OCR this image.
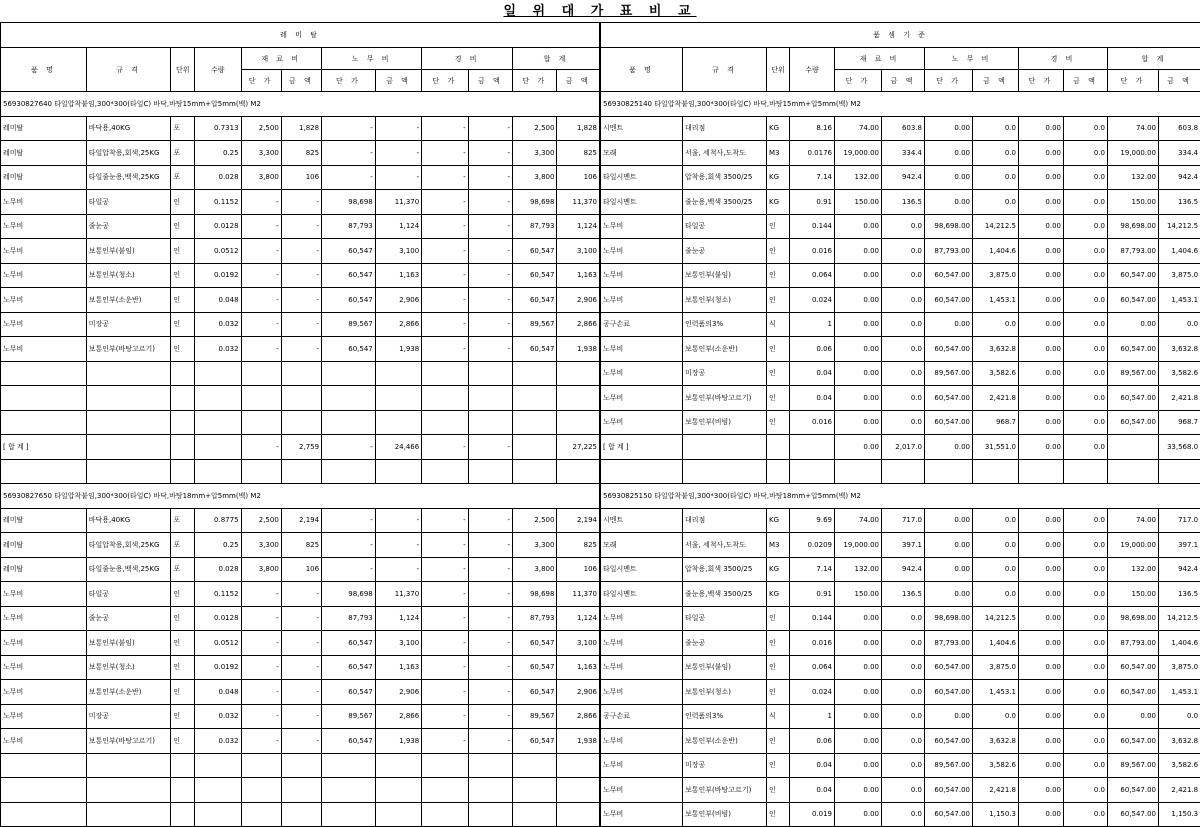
일 위 대 가 표 비 교
레 미 탈											
품 명	규 격	단위	수량	재 료 비		노 무 비		경 비		합 계	
				단 가	금 액	단 가	금 액	단 가	금 액	단 가	금 액
56930827640 타일압착붙임,300*300(타일C) 바닥,바탕15mm+압5mm(백) M2											
레미탈	바닥용,40KG	포	0.7313	2,500	1,828	-	-	-	-	2,500	1,828
레미탈	타일압착용,회색,25KG	포	0.25	3,300	825	-	-	-	-	3,300	825
레미탈	타일줄눈용,백색,25KG	포	0.028	3,800	106	-	-	-	-	3,800	106
노무비	타일공	인	0.1152	-	-	98,698	11,370	-	-	98,698	11,370
노무비	줄눈공	인	0.0128	-	-	87,793	1,124	-	-	87,793	1,124
노무비	보통인부(붙임)	인	0.0512	-	-	60,547	3,100	-	-	60,547	3,100
노무비	보통인부(청소)	인	0.0192	-	-	60,547	1,163	-	-	60,547	1,163
노무비	보통인부(소운반)	인	0.048	-	-	60,547	2,906	-	-	60,547	2,906
노무비	미장공	인	0.032	-	-	89,567	2,866	-	-	89,567	2,866
노무비	보통인부(바탕고르기)	인	0.032	-	-	60,547	1,938	-	-	60,547	1,938

[ 합 계 ]				-	2,759	-	24,466	-	-		27,225

56930827650 타일압착붙임,300*300(타일C) 바닥,바탕18mm+압5mm(백) M2											
레미탈	바닥용,40KG	포	0.8775	2,500	2,194	-	-	-	-	2,500	2,194
레미탈	타일압착용,회색,25KG	포	0.25	3,300	825	-	-	-	-	3,300	825
레미탈	타일줄눈용,백색,25KG	포	0.028	3,800	106	-	-	-	-	3,800	106
노무비	타일공	인	0.1152	-	-	98,698	11,370	-	-	98,698	11,370
노무비	줄눈공	인	0.0128	-	-	87,793	1,124	-	-	87,793	1,124
노무비	보통인부(붙임)	인	0.0512	-	-	60,547	3,100	-	-	60,547	3,100
노무비	보통인부(청소)	인	0.0192	-	-	60,547	1,163	-	-	60,547	1,163
노무비	보통인부(소운반)	인	0.048	-	-	60,547	2,906	-	-	60,547	2,906
노무비	미장공	인	0.032	-	-	89,567	2,866	-	-	89,567	2,866
노무비	보통인부(바탕고르기)	인	0.032	-	-	60,547	1,938	-	-	60,547	1,938

품 셈 기 준											
품 명	규 격	단위	수량	재 료 비		노 무 비		경 비		합 계	
				단 가	금 액	단 가	금 액	단 가	금 액	단 가	금 액
56930825140 타일압착붙임,300*300(타일C) 바닥,바탕15mm+압5mm(백) M2											
시멘트	대리점	KG	8.16	74.00	603.8	0.00	0.0	0.00	0.0	74.00	603.8
모래	서울, 세척사,도착도	M3	0.0176	19,000.00	334.4	0.00	0.0	0.00	0.0	19,000.00	334.4
타일시멘트	압착용,회색 3500/25	KG	7.14	132.00	942.4	0.00	0.0	0.00	0.0	132.00	942.4
타일시멘트	줄눈용,백색 3500/25	KG	0.91	150.00	136.5	0.00	0.0	0.00	0.0	150.00	136.5
노무비	타일공	인	0.144	0.00	0.0	98,698.00	14,212.5	0.00	0.0	98,698.00	14,212.5
노무비	줄눈공	인	0.016	0.00	0.0	87,793.00	1,404.6	0.00	0.0	87,793.00	1,404.6
노무비	보통인부(붙임)	인	0.064	0.00	0.0	60,547.00	3,875.0	0.00	0.0	60,547.00	3,875.0
노무비	보통인부(청소)	인	0.024	0.00	0.0	60,547.00	1,453.1	0.00	0.0	60,547.00	1,453.1
공구손료	인력품의3%	식	1	0.00	0.0	0.00	0.0	0.00	0.0	0.00	0.0
노무비	보통인부(소운반)	인	0.06	0.00	0.0	60,547.00	3,632.8	0.00	0.0	60,547.00	3,632.8
노무비	미장공	인	0.04	0.00	0.0	89,567.00	3,582.6	0.00	0.0	89,567.00	3,582.6
노무비	보통인부(바탕고르기)	인	0.04	0.00	0.0	60,547.00	2,421.8	0.00	0.0	60,547.00	2,421.8
노무비	보통인부(비빔)	인	0.016	0.00	0.0	60,547.00	968.7	0.00	0.0	60,547.00	968.7
[ 합 계 ]				0.00	2,017.0	0.00	31,551.0	0.00	0.0		33,568.0

56930825150 타일압착붙임,300*300(타일C) 바닥,바탕18mm+압5mm(백) M2											
시멘트	대리점	KG	9.69	74.00	717.0	0.00	0.0	0.00	0.0	74.00	717.0
모래	서울, 세척사,도착도	M3	0.0209	19,000.00	397.1	0.00	0.0	0.00	0.0	19,000.00	397.1
타일시멘트	압착용,회색 3500/25	KG	7.14	132.00	942.4	0.00	0.0	0.00	0.0	132.00	942.4
타일시멘트	줄눈용,백색 3500/25	KG	0.91	150.00	136.5	0.00	0.0	0.00	0.0	150.00	136.5
노무비	타일공	인	0.144	0.00	0.0	98,698.00	14,212.5	0.00	0.0	98,698.00	14,212.5
노무비	줄눈공	인	0.016	0.00	0.0	87,793.00	1,404.6	0.00	0.0	87,793.00	1,404.6
노무비	보통인부(붙임)	인	0.064	0.00	0.0	60,547.00	3,875.0	0.00	0.0	60,547.00	3,875.0
노무비	보통인부(청소)	인	0.024	0.00	0.0	60,547.00	1,453.1	0.00	0.0	60,547.00	1,453.1
공구손료	인력품의3%	식	1	0.00	0.0	0.00	0.0	0.00	0.0	0.00	0.0
노무비	보통인부(소운반)	인	0.06	0.00	0.0	60,547.00	3,632.8	0.00	0.0	60,547.00	3,632.8
노무비	미장공	인	0.04	0.00	0.0	89,567.00	3,582.6	0.00	0.0	89,567.00	3,582.6
노무비	보통인부(바탕고르기)	인	0.04	0.00	0.0	60,547.00	2,421.8	0.00	0.0	60,547.00	2,421.8
노무비	보통인부(비빔)	인	0.019	0.00	0.0	60,547.00	1,150.3	0.00	0.0	60,547.00	1,150.3
